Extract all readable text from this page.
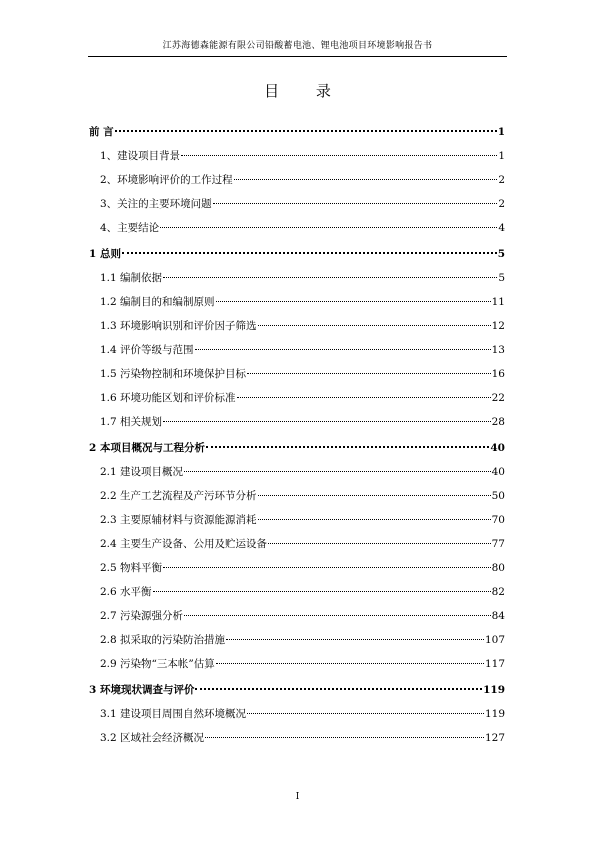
江苏海德森能源有限公司铅酸蓄电池、锂电池项目环境影响报告书
目 录
前 言	1
1、建设项目背景	1
2、环境影响评价的工作过程	2
3、关注的主要环境问题	2
4、主要结论	4
1 总则	5
1.1 编制依据	5
1.2 编制目的和编制原则	11
1.3 环境影响识别和评价因子筛选	12
1.4 评价等级与范围	13
1.5 污染物控制和环境保护目标	16
1.6 环境功能区划和评价标准	22
1.7 相关规划	28
2 本项目概况与工程分析	40
2.1 建设项目概况	40
2.2 生产工艺流程及产污环节分析	50
2.3 主要原辅材料与资源能源消耗	70
2.4 主要生产设备、公用及贮运设备	77
2.5 物料平衡	80
2.6 水平衡	82
2.7 污染源强分析	84
2.8 拟采取的污染防治措施	107
2.9 污染物“三本帐”估算	117
3 环境现状调查与评价	119
3.1 建设项目周围自然环境概况	119
3.2 区域社会经济概况	127
I
